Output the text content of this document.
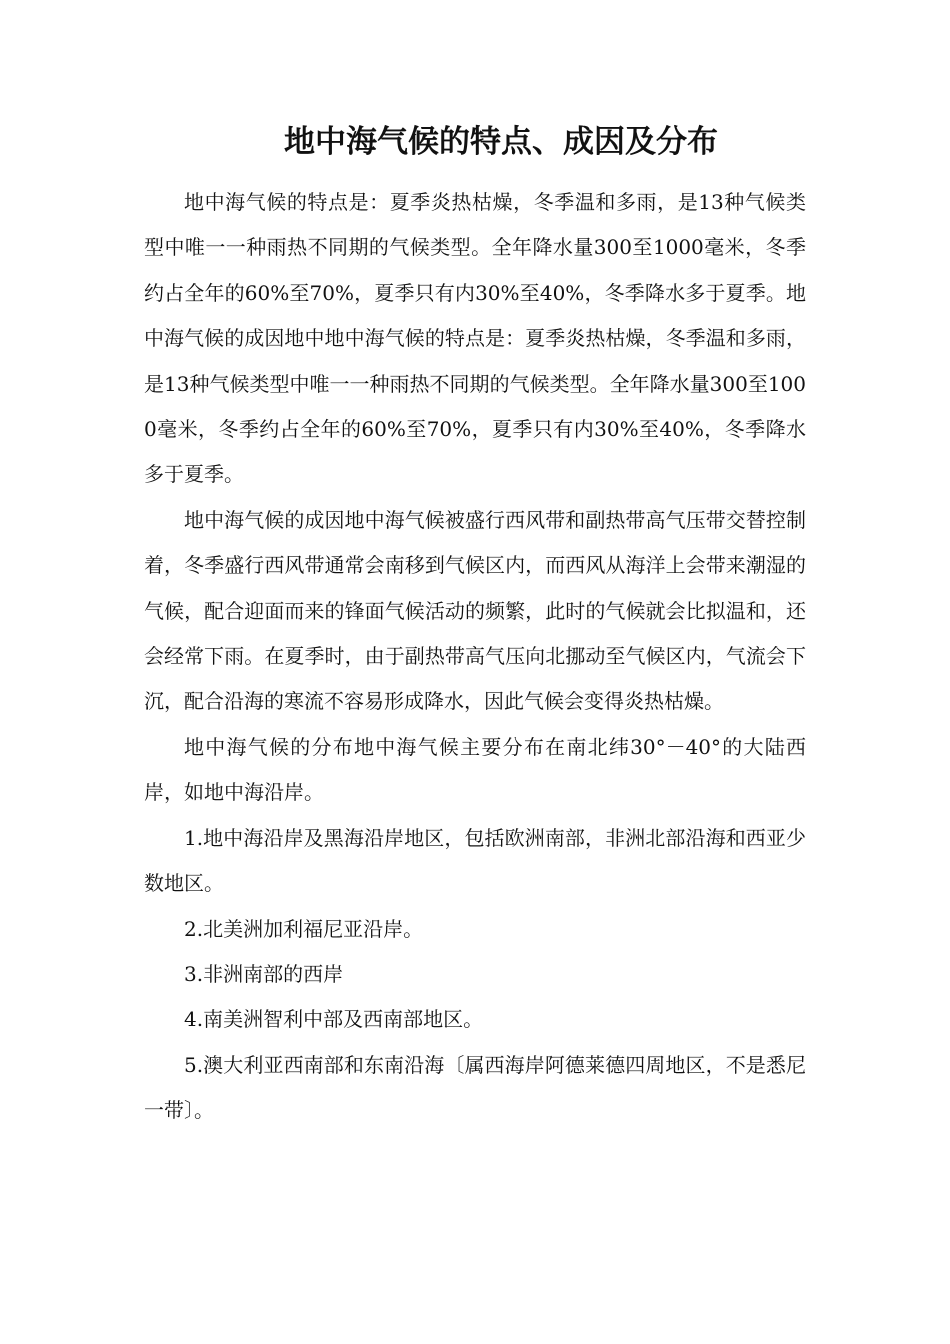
地中海气候的特点、成因及分布

地中海气候的特点是：夏季炎热枯燥，冬季温和多雨，是13种气候类型中唯一一种雨热不同期的气候类型。全年降水量300至1000毫米，冬季约占全年的60%至70%，夏季只有内30%至40%，冬季降水多于夏季。地中海气候的成因地中地中海气候的特点是：夏季炎热枯燥，冬季温和多雨，是13种气候类型中唯一一种雨热不同期的气候类型。全年降水量300至1000毫米，冬季约占全年的60%至70%，夏季只有内30%至40%，冬季降水多于夏季。

地中海气候的成因地中海气候被盛行西风带和副热带高气压带交替控制着，冬季盛行西风带通常会南移到气候区内，而西风从海洋上会带来潮湿的气候，配合迎面而来的锋面气候活动的频繁，此时的气候就会比拟温和，还会经常下雨。在夏季时，由于副热带高气压向北挪动至气候区内，气流会下沉，配合沿海的寒流不容易形成降水，因此气候会变得炎热枯燥。

地中海气候的分布地中海气候主要分布在南北纬30°－40°的大陆西岸，如地中海沿岸。

1.地中海沿岸及黑海沿岸地区，包括欧洲南部，非洲北部沿海和西亚少数地区。

2.北美洲加利福尼亚沿岸。

3.非洲南部的西岸

4.南美洲智利中部及西南部地区。

5.澳大利亚西南部和东南沿海〔属西海岸阿德莱德四周地区，不是悉尼一带〕。
